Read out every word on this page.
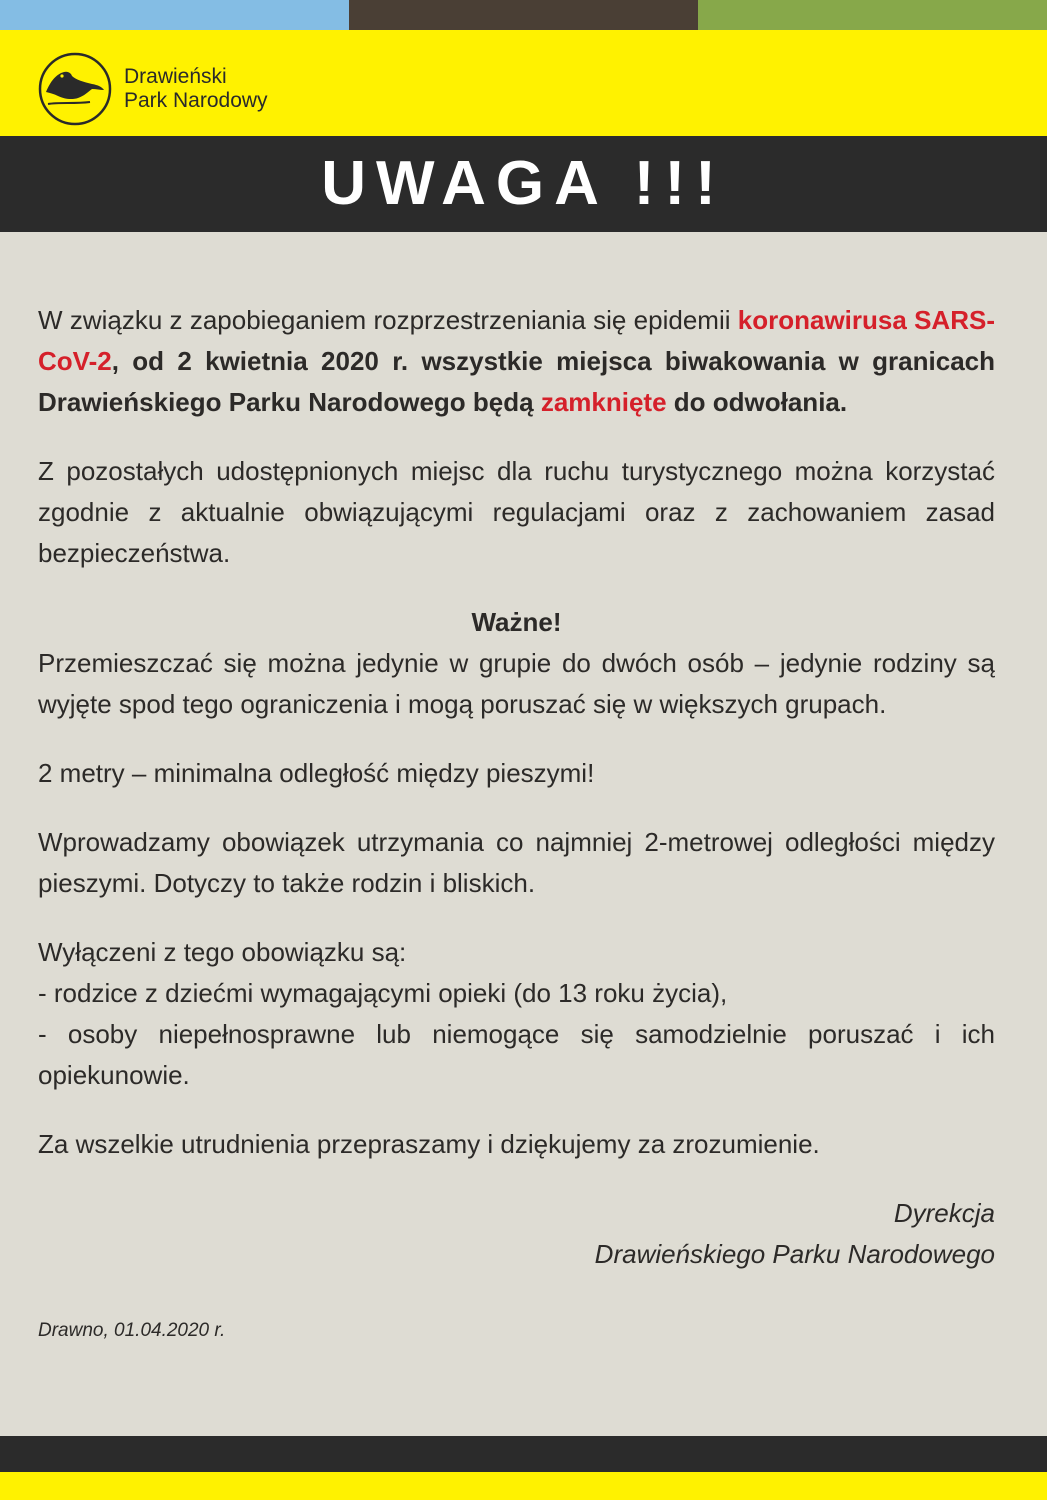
Drawieński
Park Narodowy
UWAGA !!!

W związku z zapobieganiem rozprzestrzeniania się epidemii koronawirusa SARS-CoV-2, od 2 kwietnia 2020 r. wszystkie miejsca biwakowania w granicach Drawieńskiego Parku Narodowego będą zamknięte do odwołania.

Z pozostałych udostępnionych miejsc dla ruchu turystycznego można korzystać zgodnie z aktualnie obwiązującymi regulacjami oraz z zachowaniem zasad bezpieczeństwa.

Ważne!

Przemieszczać się można jedynie w grupie do dwóch osób – jedynie rodziny są wyjęte spod tego ograniczenia i mogą poruszać się w większych grupach.

2 metry – minimalna odległość między pieszymi!

Wprowadzamy obowiązek utrzymania co najmniej 2-metrowej odległości między pieszymi. Dotyczy to także rodzin i bliskich.

Wyłączeni z tego obowiązku są:

- rodzice z dziećmi wymagającymi opieki (do 13 roku życia),

- osoby niepełnosprawne lub niemogące się samodzielnie poruszać i ich opiekunowie.

Za wszelkie utrudnienia przepraszamy i dziękujemy za zrozumienie.

Dyrekcja

Drawieńskiego Parku Narodowego

Drawno, 01.04.2020 r.
